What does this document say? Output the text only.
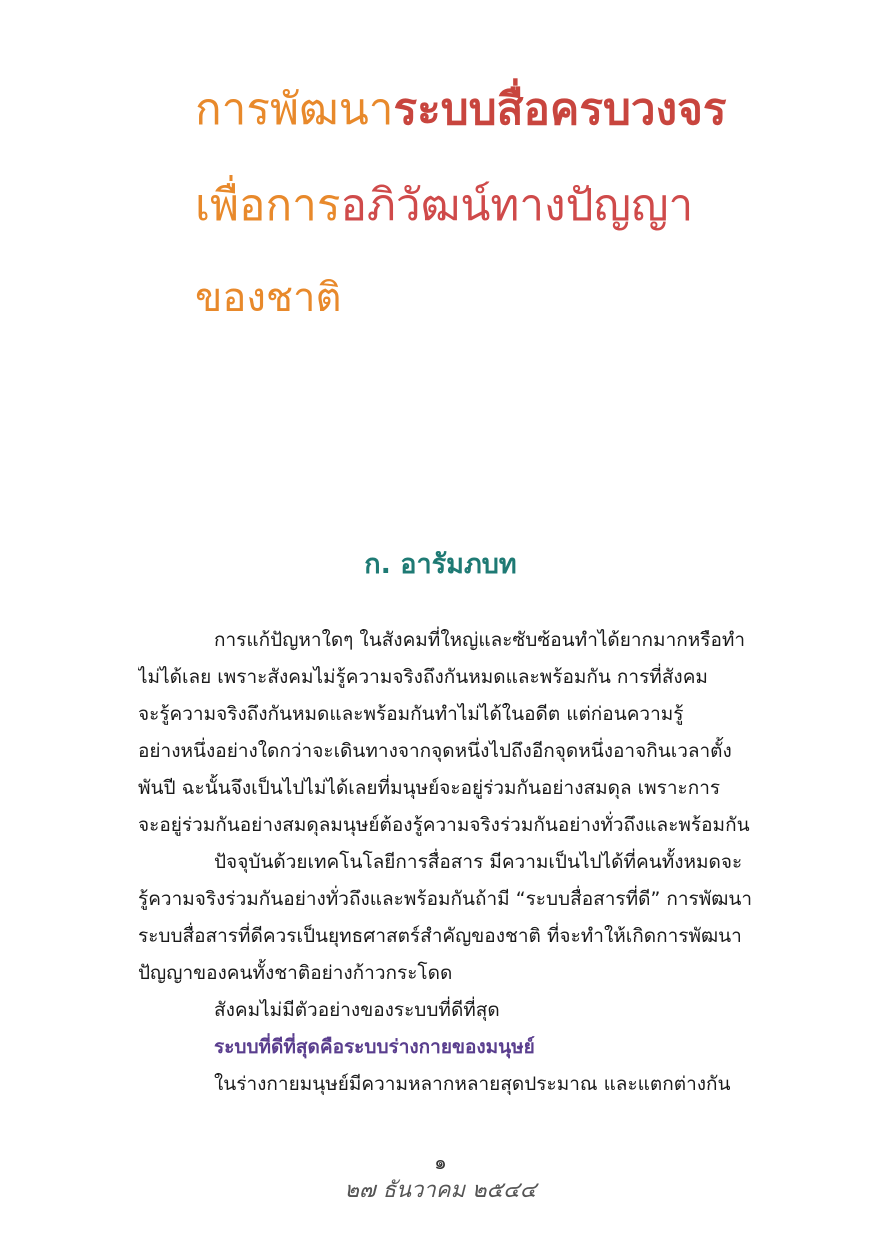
การพัฒนาระบบสื่อครบวงจร
เพื่อการอภิวัฒน์ทางปัญญา
ของชาติ
ก. อารัมภบท
การแก้ปัญหาใดๆ ในสังคมที่ใหญ่และซับซ้อนทำได้ยากมากหรือทำ
ไม่ได้เลย เพราะสังคมไม่รู้ความจริงถึงกันหมดและพร้อมกัน การที่สังคม
จะรู้ความจริงถึงกันหมดและพร้อมกันทำไม่ได้ในอดีต แต่ก่อนความรู้
อย่างหนึ่งอย่างใดกว่าจะเดินทางจากจุดหนึ่งไปถึงอีกจุดหนึ่งอาจกินเวลาตั้ง
พันปี ฉะนั้นจึงเป็นไปไม่ได้เลยที่มนุษย์จะอยู่ร่วมกันอย่างสมดุล เพราะการ
จะอยู่ร่วมกันอย่างสมดุลมนุษย์ต้องรู้ความจริงร่วมกันอย่างทั่วถึงและพร้อมกัน
ปัจจุบันด้วยเทคโนโลยีการสื่อสาร มีความเป็นไปได้ที่คนทั้งหมดจะ
รู้ความจริงร่วมกันอย่างทั่วถึงและพร้อมกันถ้ามี “ระบบสื่อสารที่ดี” การพัฒนา
ระบบสื่อสารที่ดีควรเป็นยุทธศาสตร์สำคัญของชาติ ที่จะทำให้เกิดการพัฒนา
ปัญญาของคนทั้งชาติอย่างก้าวกระโดด
สังคมไม่มีตัวอย่างของระบบที่ดีที่สุด
ระบบที่ดีที่สุดคือระบบร่างกายของมนุษย์
ในร่างกายมนุษย์มีความหลากหลายสุดประมาณ และแตกต่างกัน
๑
๒๗ ธันวาคม ๒๕๔๔
